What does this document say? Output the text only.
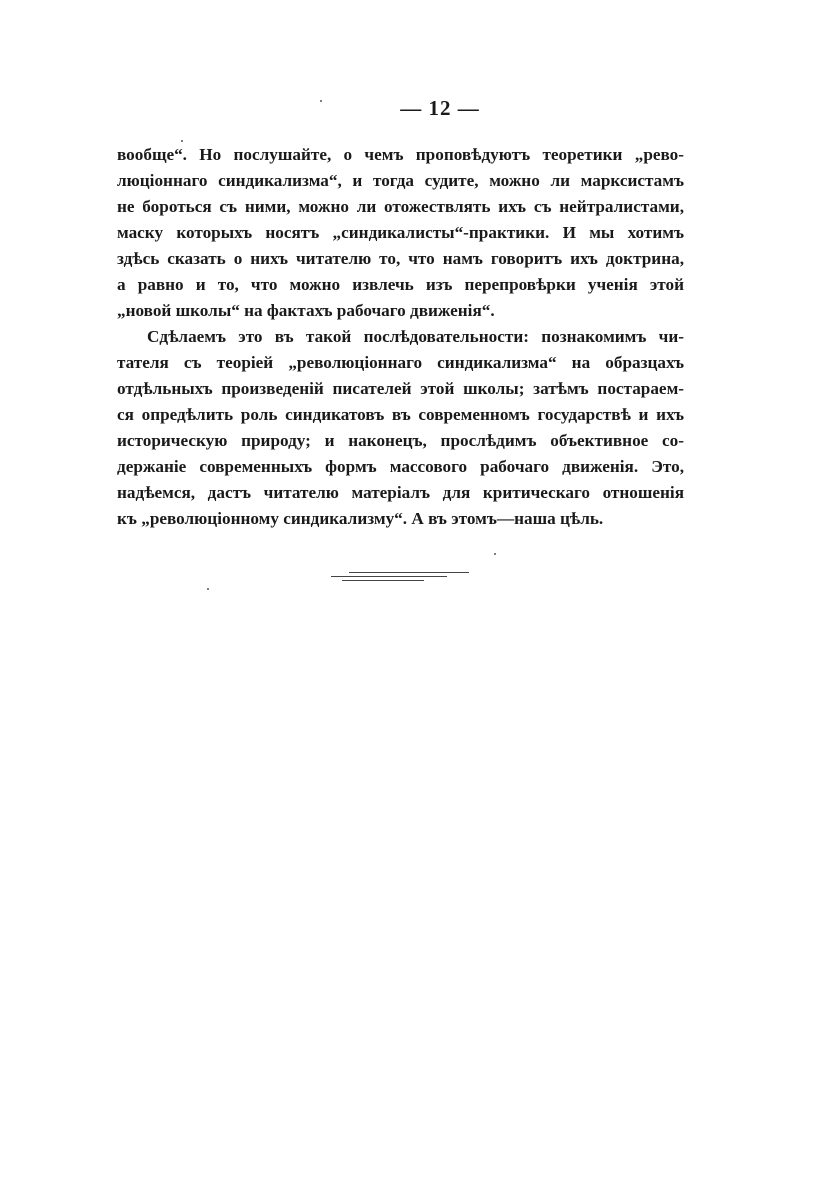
— 12 —
вообще“. Но послушайте, о чемъ проповѣдуютъ теоретики „рево-
люціоннаго синдикализма“, и тогда судите, можно ли марксистамъ
не бороться съ ними, можно ли отожествлять ихъ съ нейтралистами,
маску которыхъ носятъ „синдикалисты“-практики. И мы хотимъ
здѣсь сказать о нихъ читателю то, что намъ говоритъ ихъ доктрина,
а равно и то, что можно извлечь изъ перепровѣрки ученія этой
„новой школы“ на фактахъ рабочаго движенія“.
Сдѣлаемъ это въ такой послѣдовательности: познакомимъ чи-
тателя съ теоріей „революціоннаго синдикализма“ на образцахъ
отдѣльныхъ произведеній писателей этой школы; затѣмъ постараем-
ся опредѣлить роль синдикатовъ въ современномъ государствѣ и ихъ
историческую природу; и наконецъ, прослѣдимъ объективное со-
держаніе современныхъ формъ массового рабочаго движенія. Это,
надѣемся, дастъ читателю матеріалъ для критическаго отношенія
къ „революціонному синдикализму“. А въ этомъ—наша цѣль.
